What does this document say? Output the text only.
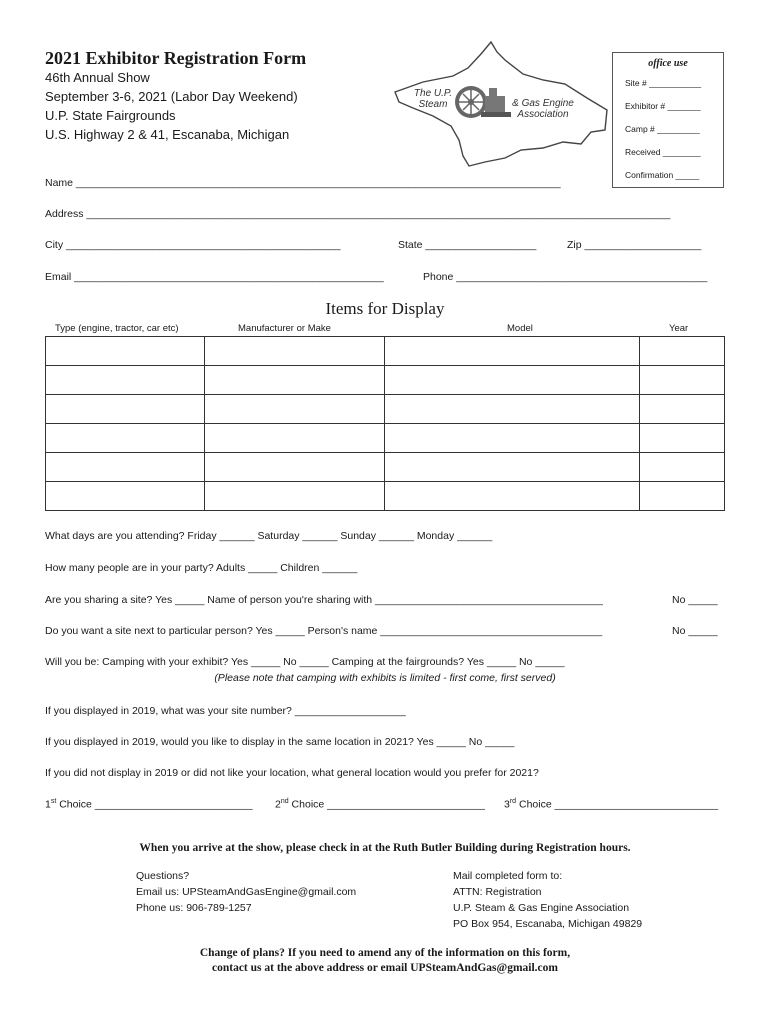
2021 Exhibitor Registration Form
46th Annual Show
September 3-6, 2021 (Labor Day Weekend)
U.P. State Fairgrounds
U.S. Highway 2 & 41, Escanaba, Michigan
The U.P.
Steam	& Gas Engine
Association
office use
Site # ___________
Exhibitor # _______
Camp # _________
Received ________
Confirmation _____
Name ___________________________________________________________________________________
Address ____________________________________________________________________________________________________
City _______________________________________________	State ___________________	Zip ____________________
Email _____________________________________________________	Phone ___________________________________________
Items for Display
Type (engine, tractor, car etc)	Manufacturer or Make	Model	Year

What days are you attending? Friday ______ Saturday ______ Sunday ______ Monday ______
How many people are in your party? Adults _____ Children ______
Are you sharing a site? Yes _____ Name of person you're sharing with _______________________________________	No _____
Do you want a site next to particular person? Yes _____ Person's name ______________________________________	No _____
Will you be: Camping with your exhibit? Yes _____ No _____ Camping at the fairgrounds? Yes _____ No _____
(Please note that camping with exhibits is limited - first come, first served)
If you displayed in 2019, what was your site number? ___________________
If you displayed in 2019, would you like to display in the same location in 2021? Yes _____ No _____
If you did not display in 2019 or did not like your location, what general location would you prefer for 2021?
1st Choice ___________________________ 2nd Choice ___________________________ 3rd Choice ____________________________
When you arrive at the show, please check in at the Ruth Butler Building during Registration hours.
Questions?
Email us: UPSteamAndGasEngine@gmail.com
Phone us: 906-789-1257
Mail completed form to:
ATTN: Registration
U.P. Steam & Gas Engine Association
PO Box 954, Escanaba, Michigan 49829
Change of plans? If you need to amend any of the information on this form,
contact us at the above address or email UPSteamAndGas@gmail.com
